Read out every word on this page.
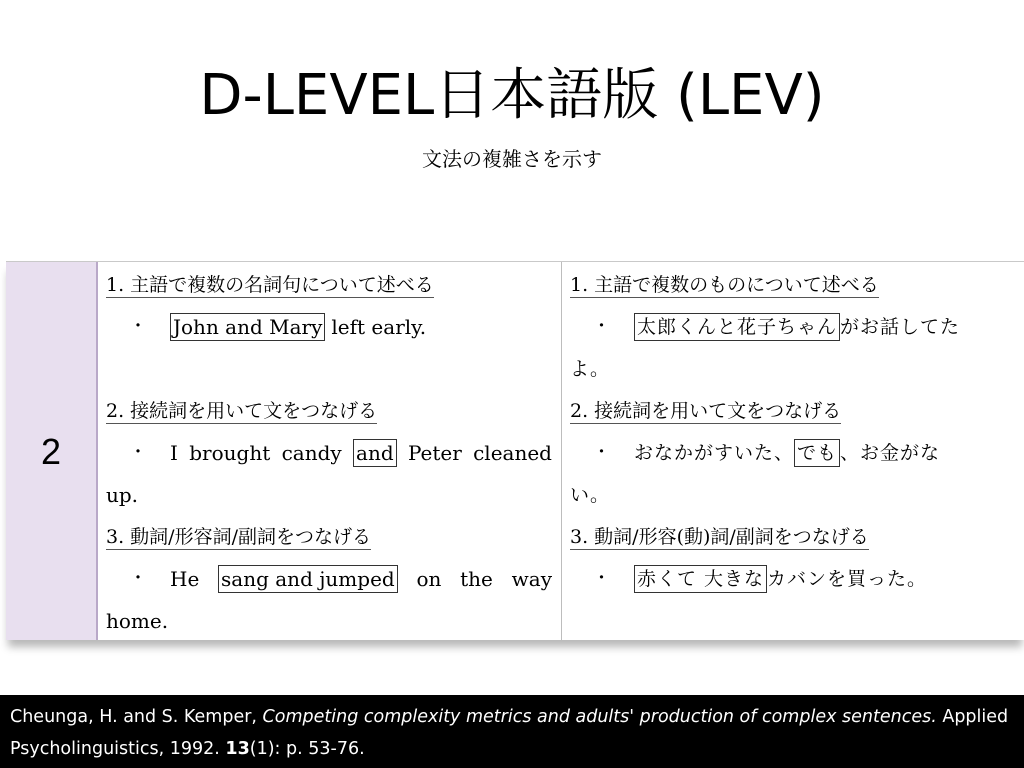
D-LEVEL日本語版 (LEV)
文法の複雑さを示す
2
1. 主語で複数の名詞句について述べる
・	John and Mary left early.
2. 接続詞を用いて文をつなげる
・	I brought candy and Peter cleaned
up.
3. 動詞/形容詞/副詞をつなげる
・	He sang and jumped on the way
home.
1. 主語で複数のものについて述べる
・	太郎くんと花子ちゃん がお話してた
よ。
2. 接続詞を用いて文をつなげる
・	おなかがすいた、 でも 、お金がな
い。
3. 動詞/形容(動)詞/副詞をつなげる
・	赤くて 大きな カバンを買った。
Cheunga, H. and S. Kemper, Competing complexity metrics and adults' production of complex sentences. Applied Psycholinguistics, 1992. 13(1): p. 53-76.
